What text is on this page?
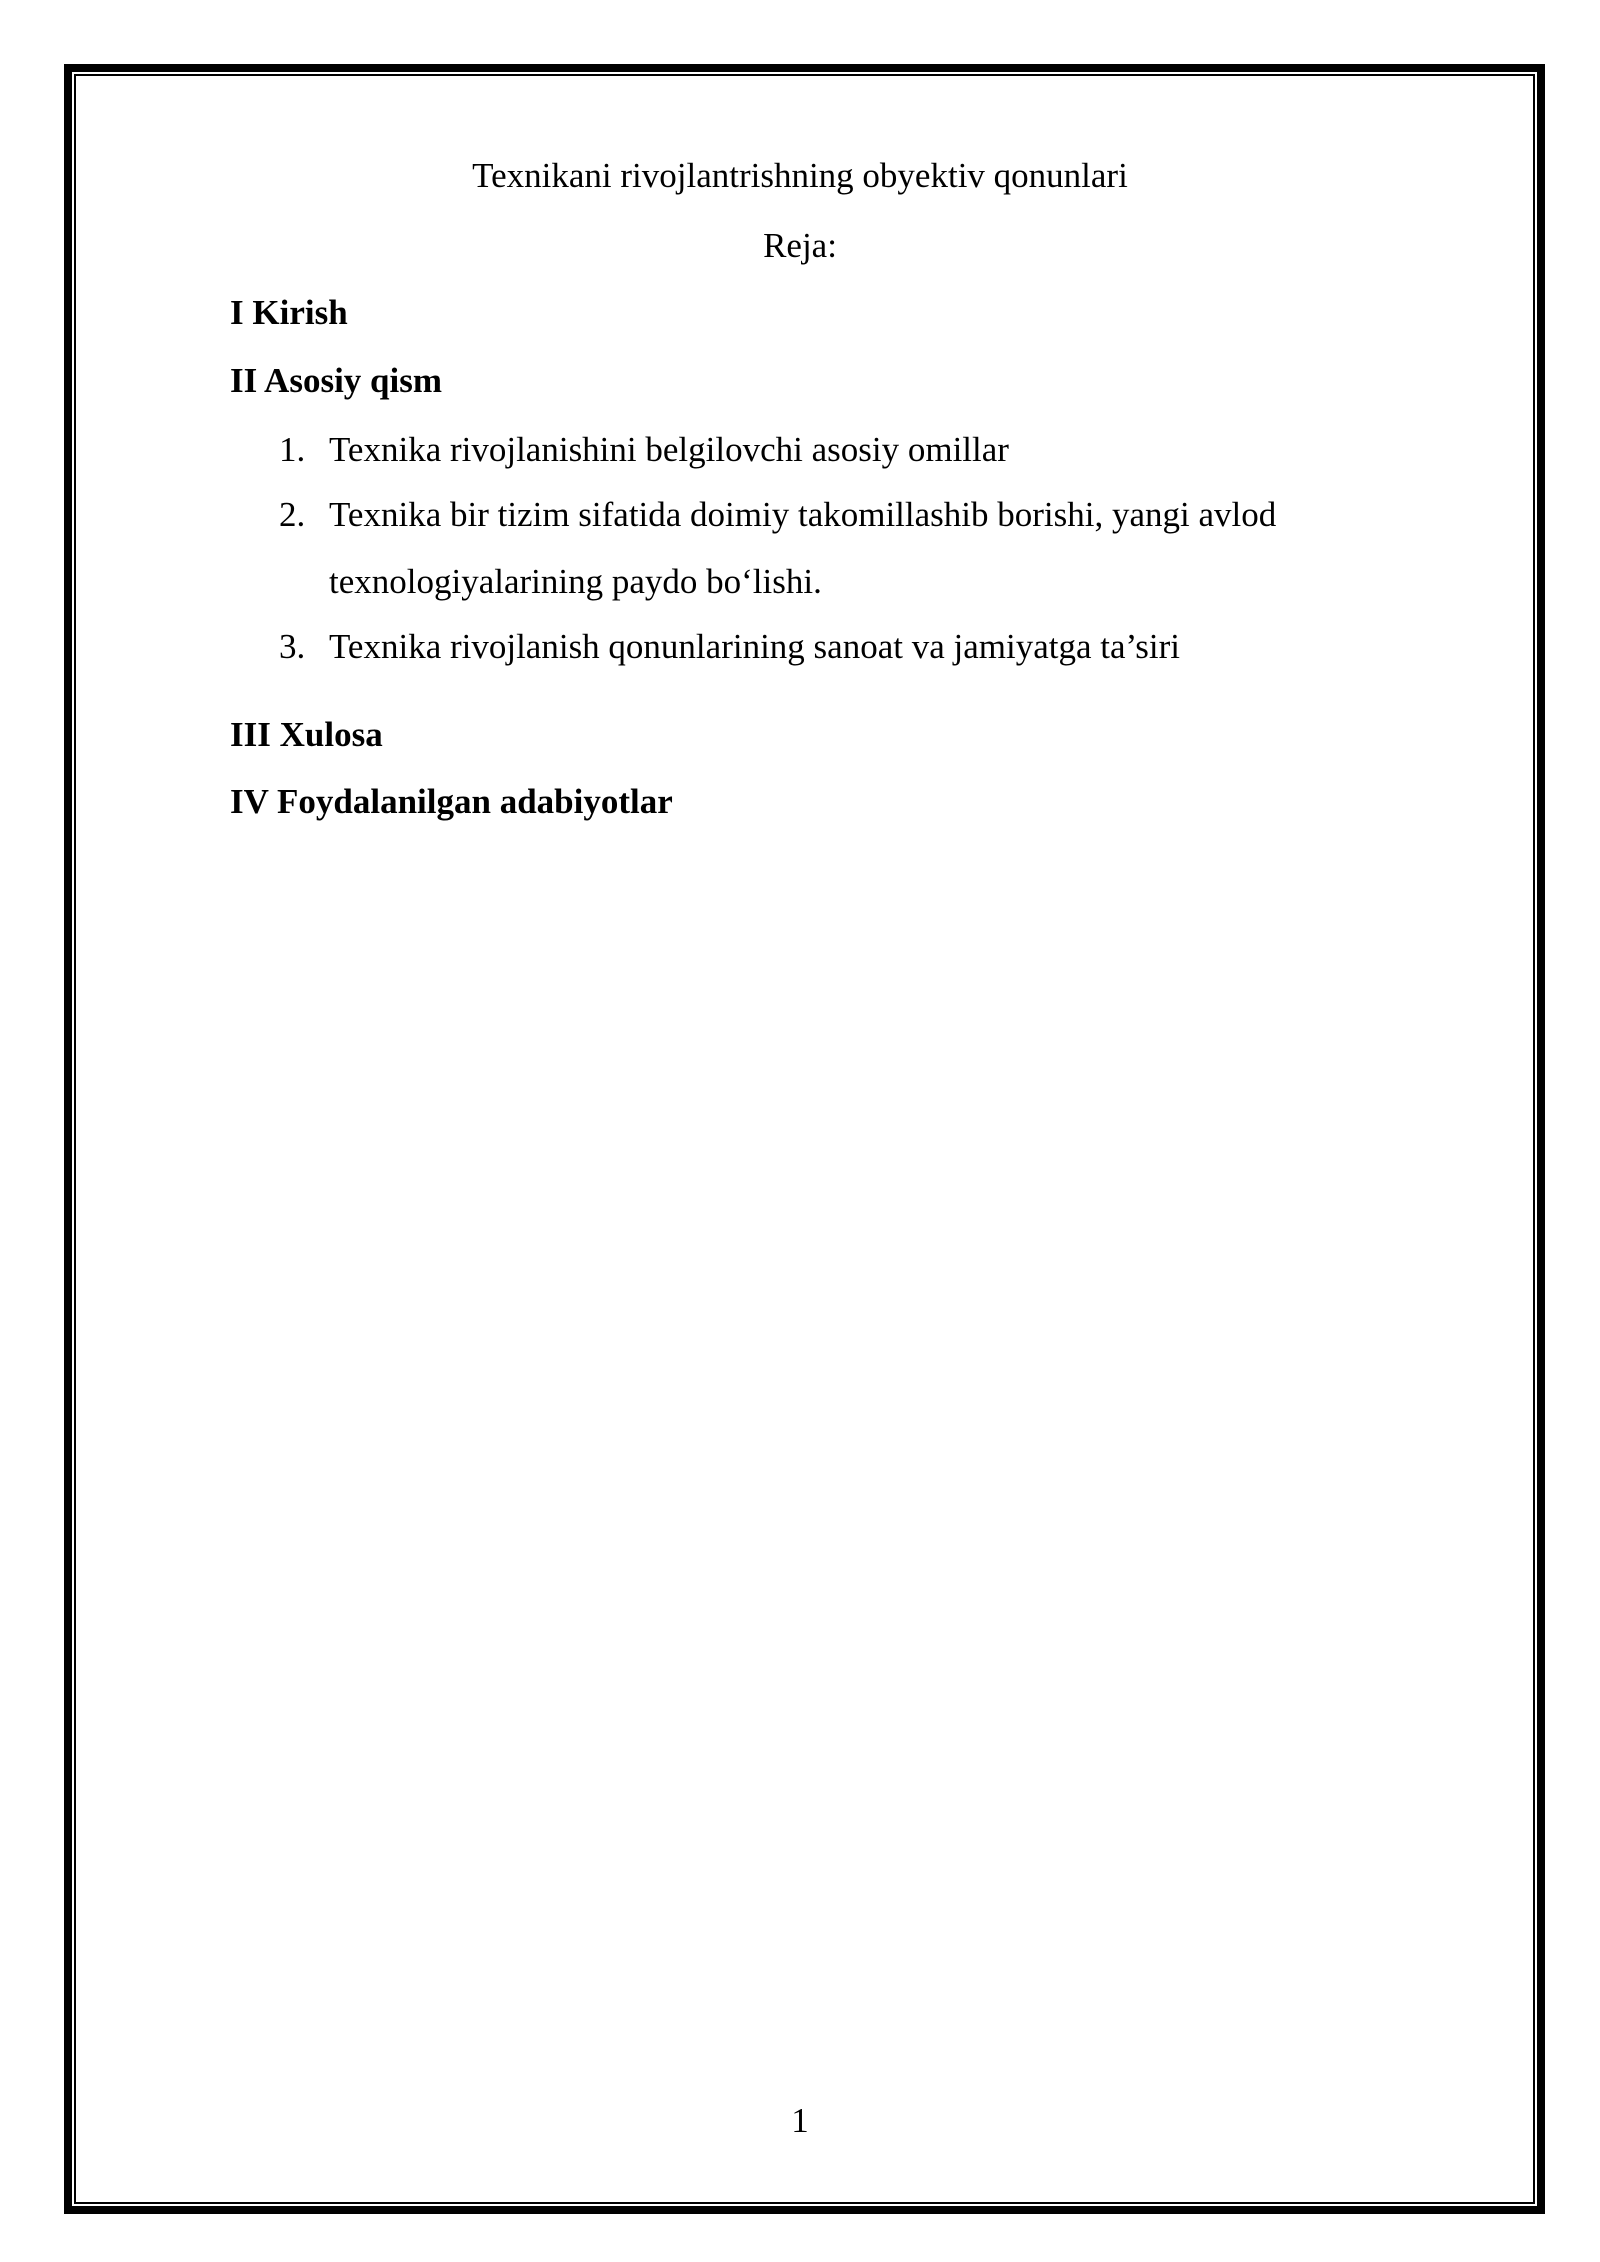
Texnikani rivojlantrishning obyektiv qonunlari
Reja:
I Kirish
II Asosiy qism
1. Texnika rivojlanishini belgilovchi asosiy omillar
2. Texnika bir tizim sifatida doimiy takomillashib borishi, yangi avlod
texnologiyalarining paydo bo‘lishi.
3. Texnika rivojlanish qonunlarining sanoat va jamiyatga ta’siri
III Xulosa
IV Foydalanilgan adabiyotlar
1
